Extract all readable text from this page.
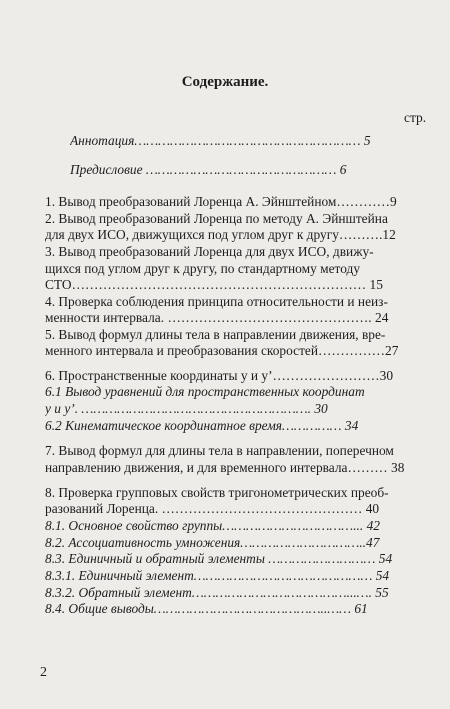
Содержание.
стр.
Аннотация………………………………………………… 5
Предисловие ………………………………………… 6
1. Вывод преобразований Лоренца А. Эйнштейном…………9
2. Вывод преобразований Лоренца по методу А. Эйнштейна
для двух ИСО, движущихся под углом друг к другу……….12
3. Вывод преобразований Лоренца для двух ИСО, движу-
щихся под углом друг к другу, по стандартному методу
СТО………………………………………………………… 15
4. Проверка соблюдения принципа относительности и неиз-
менности интервала. ………………………………………. 24
5. Вывод формул длины тела в направлении движения, вре-
менного интервала и преобразования скоростей……………27
6. Пространственные координаты y и y’……………………30
6.1 Вывод уравнений для пространственных координат
y и y’. …………………………………………………. 30
6.2 Кинематическое координатное время…………… 34
7. Вывод формул для длины тела в направлении, поперечном
направлению движения, и для временного интервала……… 38
8. Проверка групповых свойств тригонометрических преоб-
разований Лоренца. ……………………………………… 40
8.1. Основное свойство группы……………………………... 42
8.2. Ассоциативность умножения…………………………..47
8.3. Единичный и обратный элементы ……………………… 54
8.3.1. Единичный элемент……………………………………… 54
8.3.2. Обратный элемент…………………………………...…. 55
8.4. Общие выводы……………………………………..…… 61
2
